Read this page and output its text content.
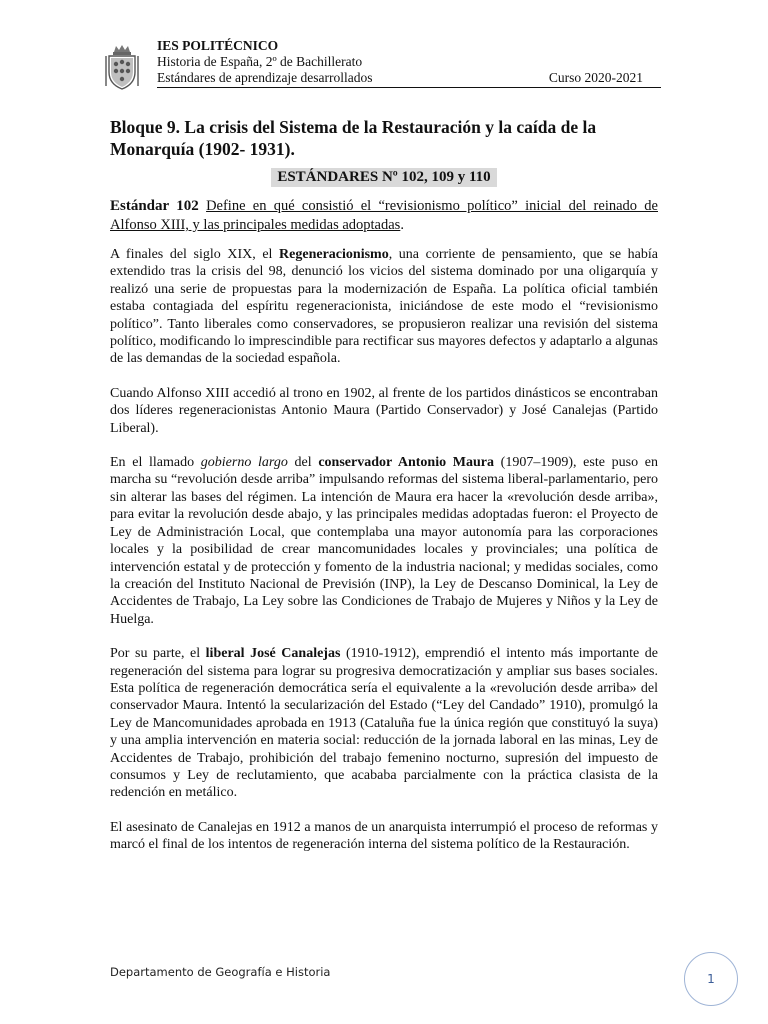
IES POLITÉCNICO
Historia de España, 2º de Bachillerato
Estándares de aprendizaje desarrollados	Curso 2020-2021
Bloque 9. La crisis del Sistema de la Restauración y la caída de la Monarquía (1902- 1931).
ESTÁNDARES Nº 102, 109 y 110
Estándar 102 Define en qué consistió el “revisionismo político” inicial del reinado de Alfonso XIII, y las principales medidas adoptadas.

A finales del siglo XIX, el Regeneracionismo, una corriente de pensamiento, que se había extendido tras la crisis del 98, denunció los vicios del sistema dominado por una oligarquía y realizó una serie de propuestas para la modernización de España. La política oficial también estaba contagiada del espíritu regeneracionista, iniciándose de este modo el “revisionismo político”. Tanto liberales como conservadores, se propusieron realizar una revisión del sistema político, modificando lo imprescindible para rectificar sus mayores defectos y adaptarlo a algunas de las demandas de la sociedad española.

Cuando Alfonso XIII accedió al trono en 1902, al frente de los partidos dinásticos se encontraban dos líderes regeneracionistas Antonio Maura (Partido Conservador) y José Canalejas (Partido Liberal).

En el llamado gobierno largo del conservador Antonio Maura (1907–1909), este puso en marcha su “revolución desde arriba” impulsando reformas del sistema liberal-parlamentario, pero sin alterar las bases del régimen. La intención de Maura era hacer la «revolución desde arriba», para evitar la revolución desde abajo, y las principales medidas adoptadas fueron: el Proyecto de Ley de Administración Local, que contemplaba una mayor autonomía para las corporaciones locales y la posibilidad de crear mancomunidades locales y provinciales; una política de intervención estatal y de protección y fomento de la industria nacional; y medidas sociales, como la creación del Instituto Nacional de Previsión (INP), la Ley de Descanso Dominical, la Ley de Accidentes de Trabajo, La Ley sobre las Condiciones de Trabajo de Mujeres y Niños y la Ley de Huelga.

Por su parte, el liberal José Canalejas (1910-1912), emprendió el intento más importante de regeneración del sistema para lograr su progresiva democratización y ampliar sus bases sociales. Esta política de regeneración democrática sería el equivalente a la «revolución desde arriba» del conservador Maura. Intentó la secularización del Estado (“Ley del Candado” 1910), promulgó la Ley de Mancomunidades aprobada en 1913 (Cataluña fue la única región que constituyó la suya) y una amplia intervención en materia social: reducción de la jornada laboral en las minas, Ley de Accidentes de Trabajo, prohibición del trabajo femenino nocturno, supresión del impuesto de consumos y Ley de reclutamiento, que acababa parcialmente con la práctica clasista de la redención en metálico.

El asesinato de Canalejas en 1912 a manos de un anarquista interrumpió el proceso de reformas y marcó el final de los intentos de regeneración interna del sistema político de la Restauración.

Departamento de Geografía e Historia	1
